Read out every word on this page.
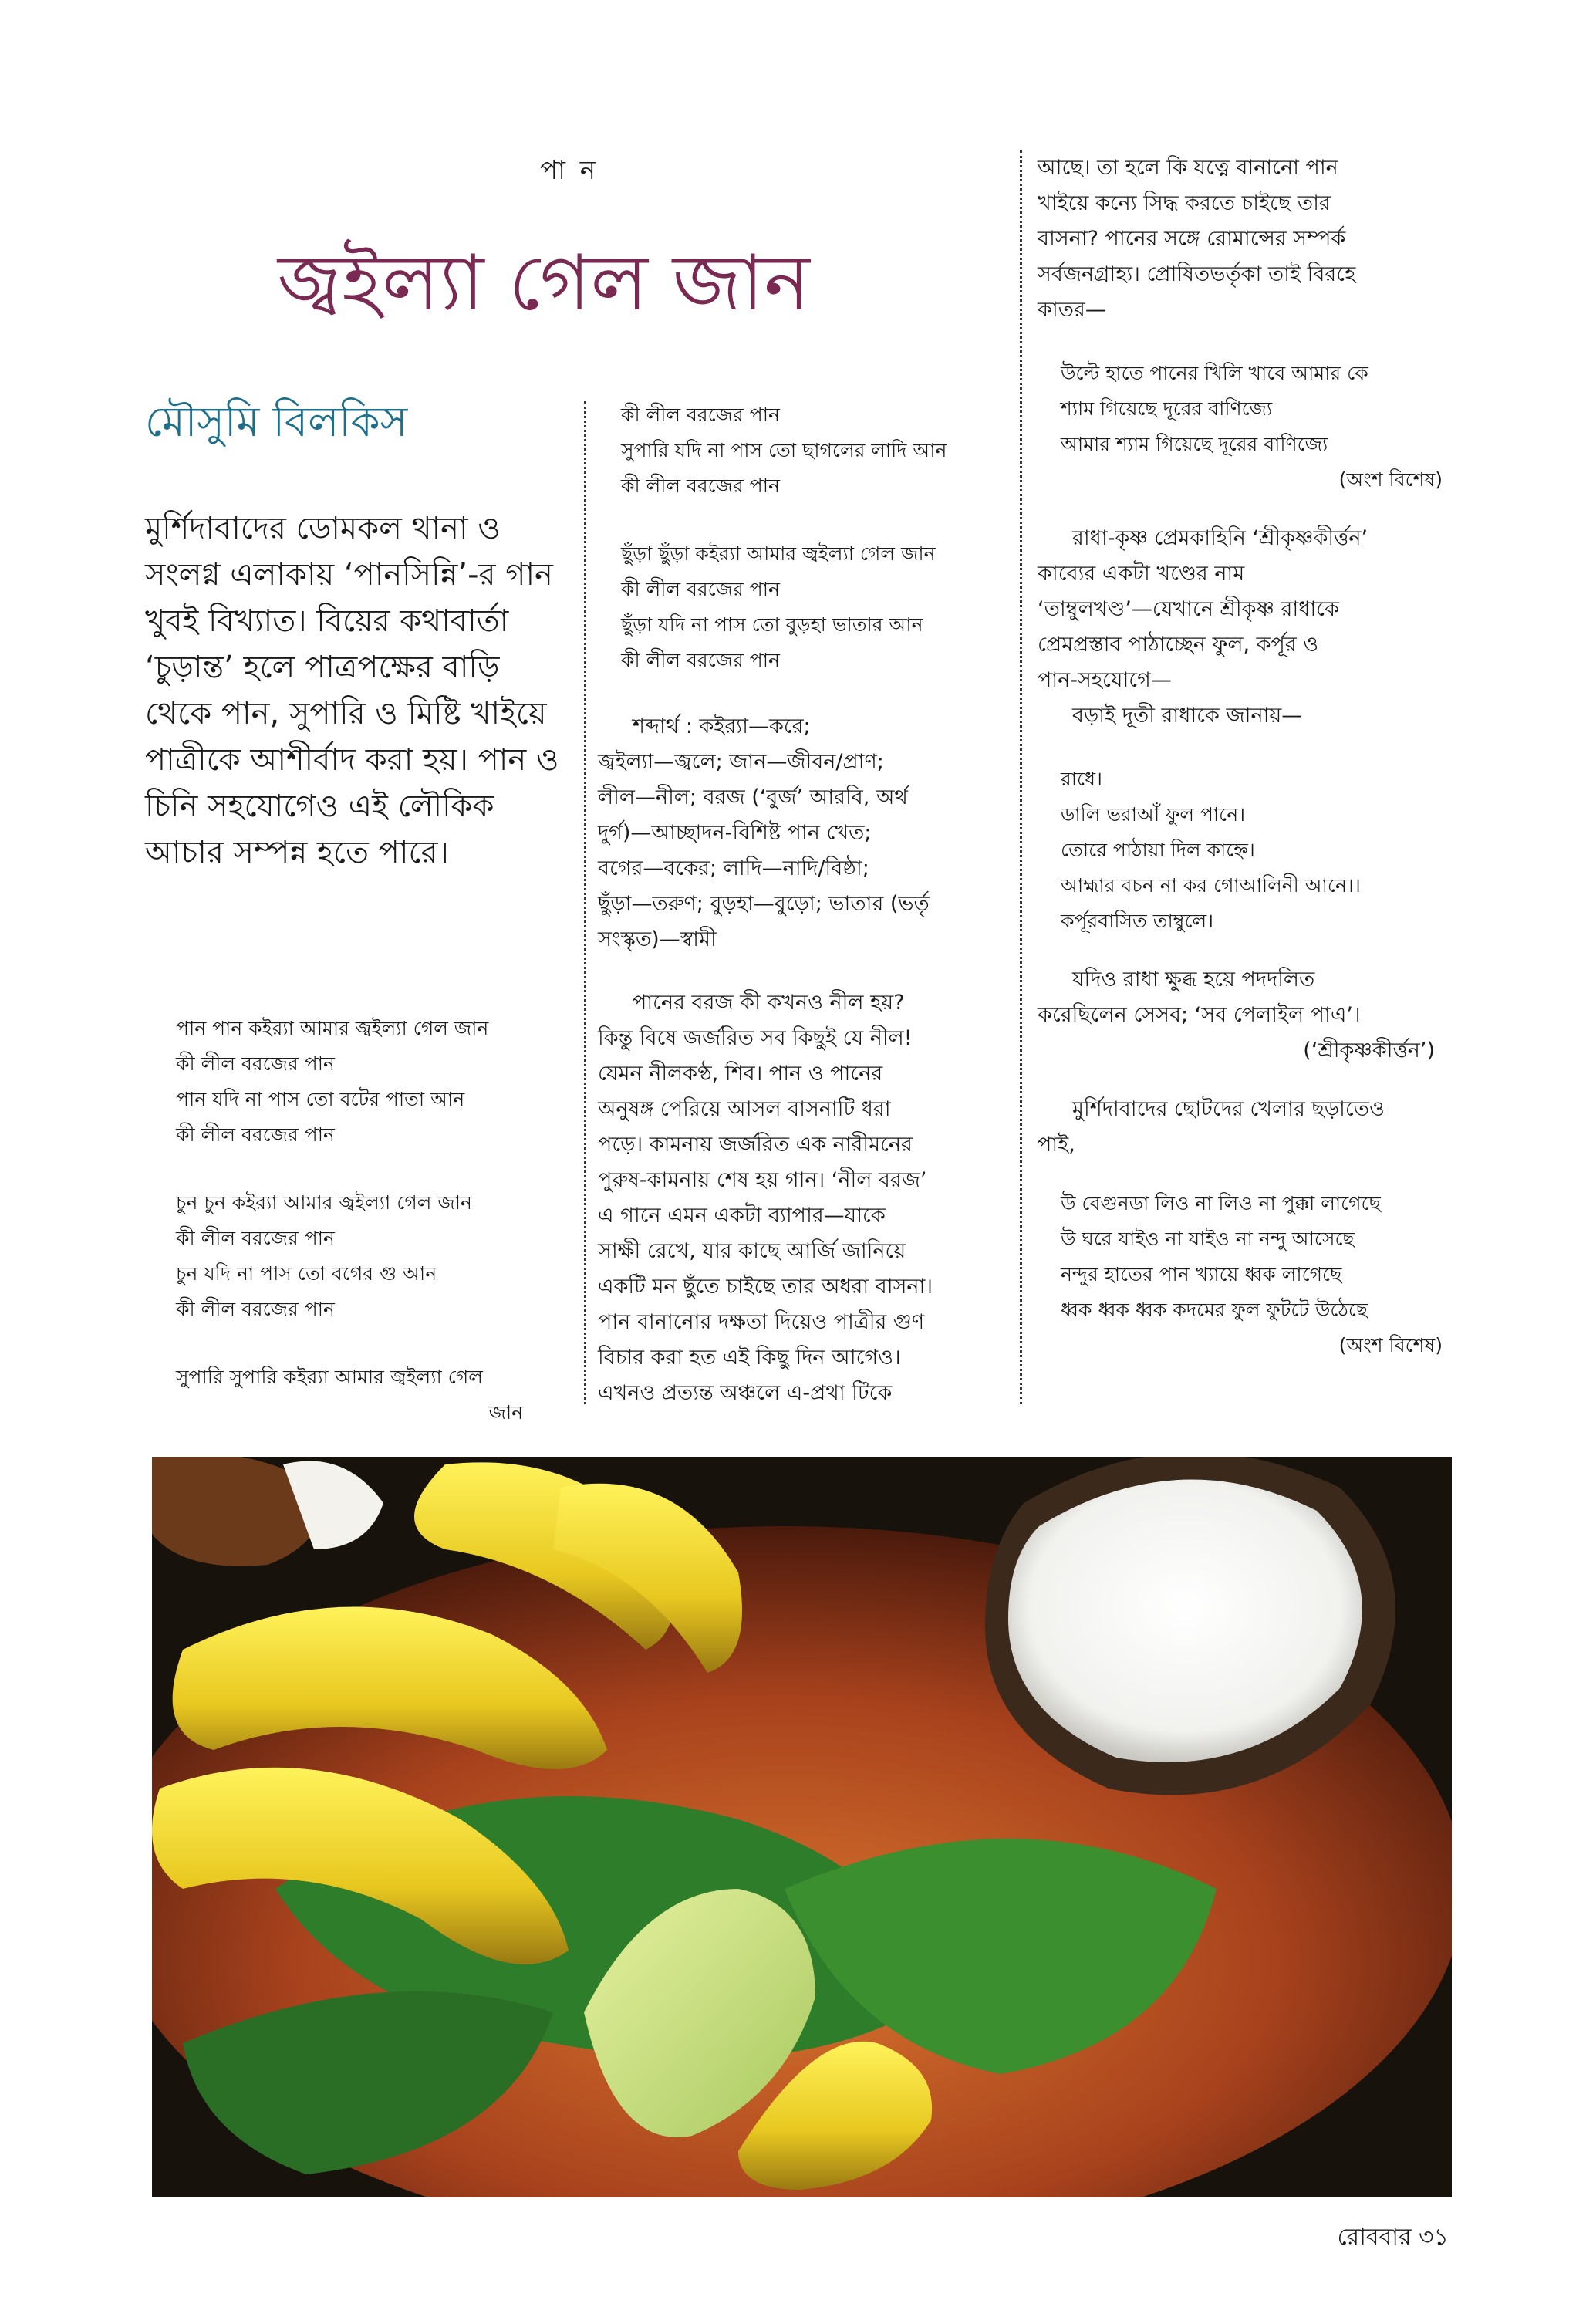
পা ন
জ্বইল্যা গেল জান
মৌসুমি বিলকিস

মুর্শিদাবাদের ডোমকল থানা ও সংলগ্ন এলাকায় ‘পানসিন্নি’-র গান খুবই বিখ্যাত। বিয়ের কথাবার্তা ‘চুড়ান্ত’ হলে পাত্রপক্ষের বাড়ি থেকে পান, সুপারি ও মিষ্টি খাইয়ে পাত্রীকে আশীর্বাদ করা হয়। পান ও চিনি সহযোগেও এই লৌকিক আচার সম্পন্ন হতে পারে।

পান পান কইর‍্যা আমার জ্বইল্যা গেল জান
কী লীল বরজের পান
পান যদি না পাস তো বটের পাতা আন
কী লীল বরজের পান
চুন চুন কইর‍্যা আমার জ্বইল্যা গেল জান
কী লীল বরজের পান
চুন যদি না পাস তো বগের গু আন
কী লীল বরজের পান
সুপারি সুপারি কইর‍্যা আমার জ্বইল্যা গেল
জান
কী লীল বরজের পান
সুপারি যদি না পাস তো ছাগলের লাদি আন
কী লীল বরজের পান
ছুঁড়া ছুঁড়া কইর‍্যা আমার জ্বইল্যা গেল জান
কী লীল বরজের পান
ছুঁড়া যদি না পাস তো বুড়হা ভাতার আন
কী লীল বরজের পান
শব্দার্থ : কইর‍্যা—করে;
জ্বইল্যা—জ্বলে; জান—জীবন/প্রাণ;
লীল—নীল; বরজ (‘বুর্জ’ আরবি, অর্থ
দুর্গ)—আচ্ছাদন-বিশিষ্ট পান খেত;
বগের—বকের; লাদি—নাদি/বিষ্ঠা;
ছুঁড়া—তরুণ; বুড়হা—বুড়ো; ভাতার (ভর্তৃ
সংস্কৃত)—স্বামী
পানের বরজ কী কখনও নীল হয়?
কিন্তু বিষে জর্জরিত সব কিছুই যে নীল!
যেমন নীলকণ্ঠ, শিব। পান ও পানের
অনুষঙ্গ পেরিয়ে আসল বাসনাটি ধরা
পড়ে। কামনায় জর্জরিত এক নারীমনের
পুরুষ-কামনায় শেষ হয় গান। ‘নীল বরজ’
এ গানে এমন একটা ব্যাপার—যাকে
সাক্ষী রেখে, যার কাছে আর্জি জানিয়ে
একটি মন ছুঁতে চাইছে তার অধরা বাসনা।
পান বানানোর দক্ষতা দিয়েও পাত্রীর গুণ
বিচার করা হত এই কিছু দিন আগেও।
এখনও প্রত্যন্ত অঞ্চলে এ-প্রথা টিকে
আছে। তা হলে কি যত্নে বানানো পান
খাইয়ে কন্যে সিদ্ধ করতে চাইছে তার
বাসনা? পানের সঙ্গে রোমান্সের সম্পর্ক
সর্বজনগ্রাহ্য। প্রোষিতভর্তৃকা তাই বিরহে
কাতর—
উল্টে হাতে পানের খিলি খাবে আমার কে
শ্যাম গিয়েছে দূরের বাণিজ্যে
আমার শ্যাম গিয়েছে দূরের বাণিজ্যে
(অংশ বিশেষ)
রাধা-কৃষ্ণ প্রেমকাহিনি ‘শ্রীকৃষ্ণকীর্ত্তন’
কাব্যের একটা খণ্ডের নাম
‘তাম্বুলখণ্ড’—যেখানে শ্রীকৃষ্ণ রাধাকে
প্রেমপ্রস্তাব পাঠাচ্ছেন ফুল, কর্পূর ও
পান-সহযোগে—
বড়াই দূতী রাধাকে জানায়—
রাধে।
ডালি ভরাআঁ ফুল পানে।
তোরে পাঠায়া দিল কাহ্নে।
আহ্মার বচন না কর গোআলিনী আনে।।
কর্পূরবাসিত তাম্বুলে।
যদিও রাধা ক্ষুব্ধ হয়ে পদদলিত
করেছিলেন সেসব; ‘সব পেলাইল পাএ’।
(‘শ্রীকৃষ্ণকীর্ত্তন’)
মুর্শিদাবাদের ছোটদের খেলার ছড়াতেও
পাই,
উ বেগুনডা লিও না লিও না পুক্কা লাগেছে
উ ঘরে যাইও না যাইও না নন্দু আসেছে
নন্দুর হাতের পান খ্যায়ে ধ্বক লাগেছে
ধ্বক ধ্বক ধ্বক কদমের ফুল ফুটটে উঠেছে
(অংশ বিশেষ)
রোববার ৩১
